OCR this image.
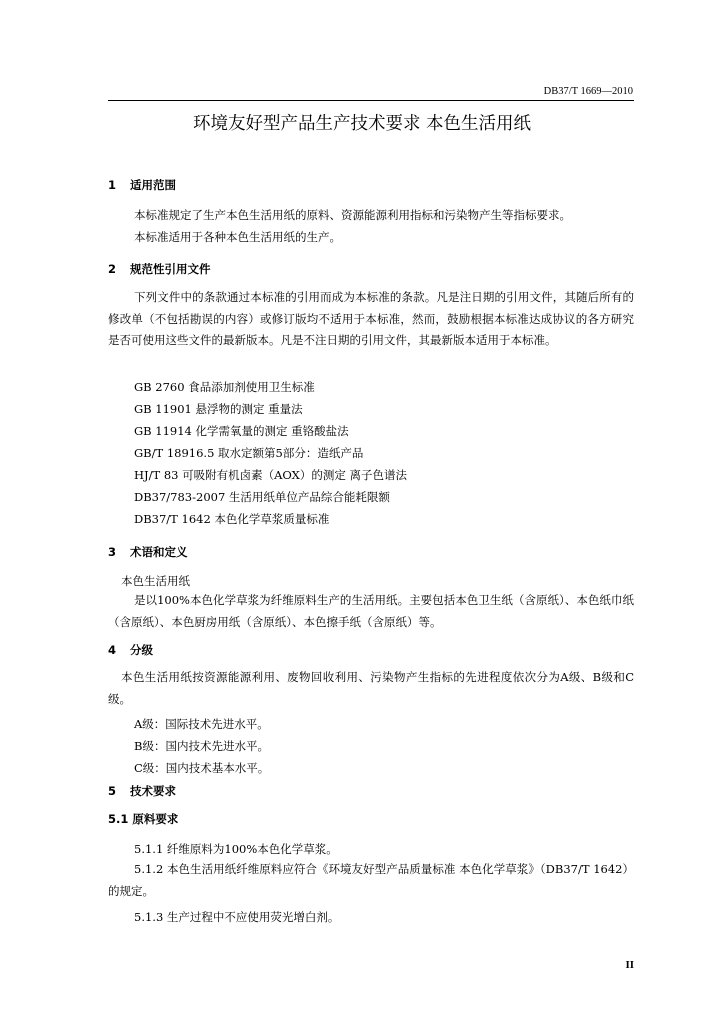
DB37/T 1669—2010
环境友好型产品生产技术要求 本色生活用纸
1 适用范围
本标准规定了生产本色生活用纸的原料、资源能源利用指标和污染物产生等指标要求。
本标准适用于各种本色生活用纸的生产。
2 规范性引用文件
下列文件中的条款通过本标准的引用而成为本标准的条款。凡是注日期的引用文件，其随后所有的修改单（不包括勘误的内容）或修订版均不适用于本标准，然而，鼓励根据本标准达成协议的各方研究是否可使用这些文件的最新版本。凡是不注日期的引用文件，其最新版本适用于本标准。
GB 2760 食品添加剂使用卫生标准
GB 11901 悬浮物的测定 重量法
GB 11914 化学需氧量的测定 重铬酸盐法
GB/T 18916.5 取水定额第5部分：造纸产品
HJ/T 83 可吸附有机卤素（AOX）的测定 离子色谱法
DB37/783-2007 生活用纸单位产品综合能耗限额
DB37/T 1642 本色化学草浆质量标准
3 术语和定义
本色生活用纸
是以100%本色化学草浆为纤维原料生产的生活用纸。主要包括本色卫生纸（含原纸）、本色纸巾纸（含原纸）、本色厨房用纸（含原纸）、本色擦手纸（含原纸）等。
4 分级
本色生活用纸按资源能源利用、废物回收利用、污染物产生指标的先进程度依次分为A级、B级和C级。
A级：国际技术先进水平。
B级：国内技术先进水平。
C级：国内技术基本水平。
5 技术要求
5.1 原料要求
5.1.1 纤维原料为100%本色化学草浆。
5.1.2 本色生活用纸纤维原料应符合《环境友好型产品质量标准 本色化学草浆》（DB37/T 1642）的规定。
5.1.3 生产过程中不应使用荧光增白剂。
II
